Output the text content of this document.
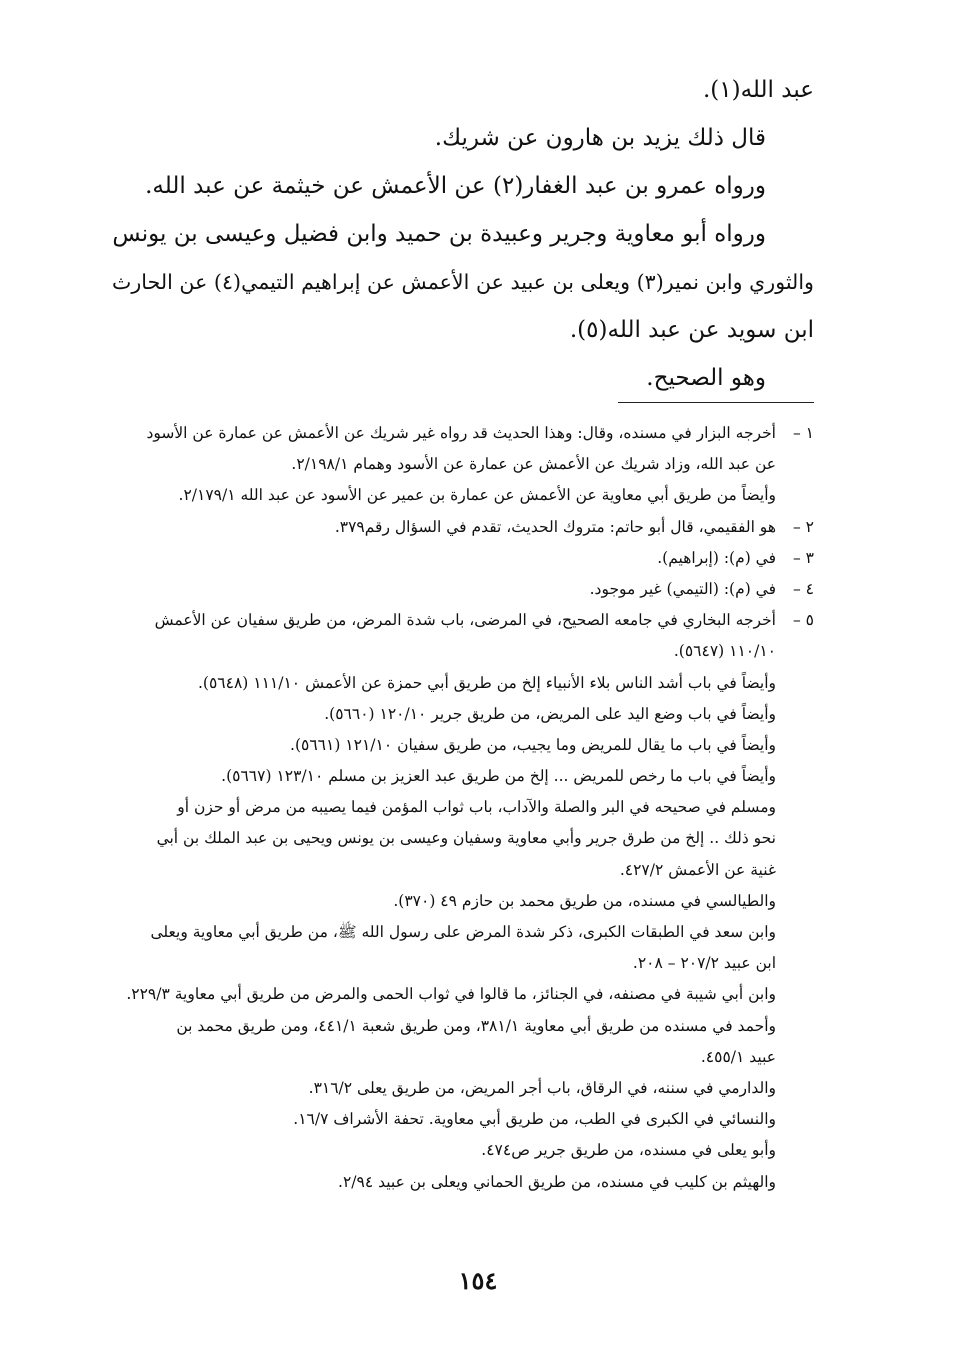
عبد الله(١).
قال ذلك يزيد بن هارون عن شريك.
ورواه عمرو بن عبد الغفار(٢) عن الأعمش عن خيثمة عن عبد الله.
ورواه أبو معاوية وجرير وعبيدة بن حميد وابن فضيل وعيسى بن يونس
والثوري وابن نمير(٣) ويعلى بن عبيد عن الأعمش عن إبراهيم التيمي(٤) عن الحارث
ابن سويد عن عبد الله(٥).
وهو الصحيح.
١ –
أخرجه البزار في مسنده، وقال: وهذا الحديث قد رواه غير شريك عن الأعمش عن عمارة عن الأسود
عن عبد الله، وزاد شريك عن الأعمش عن عمارة عن الأسود وهمام ٢/١٩٨/١.
وأيضاً من طريق أبي معاوية عن الأعمش عن عمارة بن عمير عن الأسود عن عبد الله ٢/١٧٩/١.
٢ –
هو الفقيمي، قال أبو حاتم: متروك الحديث، تقدم في السؤال رقم٣٧٩.
٣ –
في (م): (إبراهيم).
٤ –
في (م): (التيمي) غير موجود.
٥ –
أخرجه البخاري في جامعه الصحيح، في المرضى، باب شدة المرض، من طريق سفيان عن الأعمش
١١٠/١٠ (٥٦٤٧).
وأيضاً في باب أشد الناس بلاء الأنبياء إلخ من طريق أبي حمزة عن الأعمش ١١١/١٠ (٥٦٤٨).
وأيضاً في باب وضع اليد على المريض، من طريق جرير ١٢٠/١٠ (٥٦٦٠).
وأيضاً في باب ما يقال للمريض وما يجيب، من طريق سفيان ١٢١/١٠ (٥٦٦١).
وأيضاً في باب ما رخص للمريض ... إلخ من طريق عبد العزيز بن مسلم ١٢٣/١٠ (٥٦٦٧).
ومسلم في صحيحه في البر والصلة والآداب، باب ثواب المؤمن فيما يصيبه من مرض أو حزن أو
نحو ذلك .. إلخ من طرق جرير وأبي معاوية وسفيان وعيسى بن يونس ويحيى بن عبد الملك بن أبي
غنية عن الأعمش ٤٢٧/٢.
والطيالسي في مسنده، من طريق محمد بن حازم ٤٩ (٣٧٠).
وابن سعد في الطبقات الكبرى، ذكر شدة المرض على رسول الله ﷺ، من طريق أبي معاوية ويعلى
ابن عبيد ٢٠٧/٢ – ٢٠٨.
وابن أبي شيبة في مصنفه، في الجنائز، ما قالوا في ثواب الحمى والمرض من طريق أبي معاوية ٢٢٩/٣.
وأحمد في مسنده من طريق أبي معاوية ٣٨١/١، ومن طريق شعبة ٤٤١/١، ومن طريق محمد بن
عبيد ٤٥٥/١.
والدارمي في سننه، في الرقاق، باب أجر المريض، من طريق يعلى ٣١٦/٢.
والنسائي في الكبرى في الطب، من طريق أبي معاوية. تحفة الأشراف ١٦/٧.
وأبو يعلى في مسنده، من طريق جرير ص٤٧٤.
والهيثم بن كليب في مسنده، من طريق الحماني ويعلى بن عبيد ٢/٩٤.
١٥٤
